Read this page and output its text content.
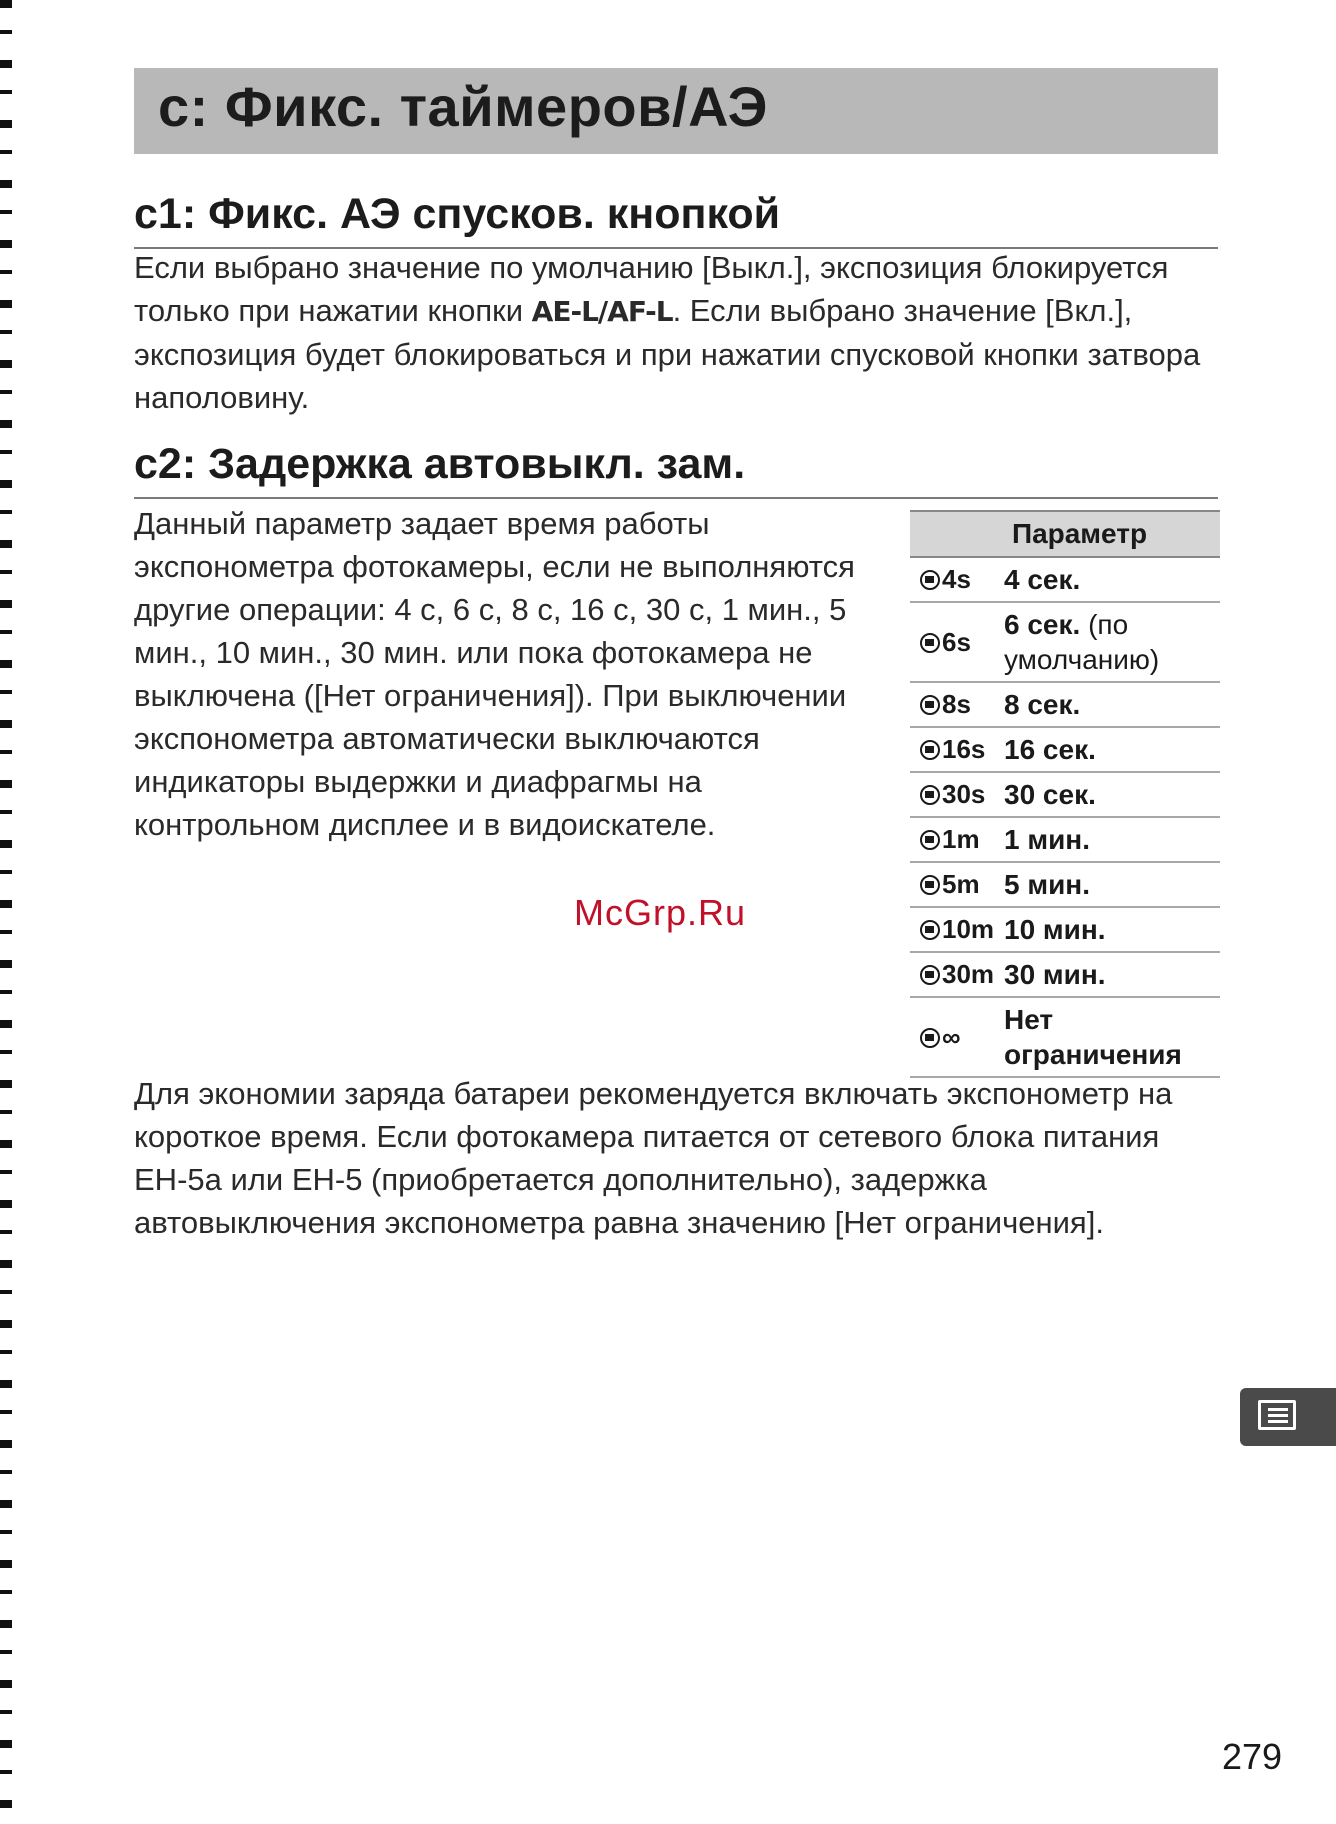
c: Фикс. таймеров/АЭ
c1: Фикс. АЭ спусков. кнопкой

Если выбрано значение по умолчанию [Выкл.], экспозиция блокируется только при нажатии кнопки AE-L/AF-L. Если выбрано значение [Вкл.], экспозиция будет блокироваться и при нажатии спусковой кнопки затвора наполовину.

c2: Задержка автовыкл. зам.

Данный параметр задает время работы экспонометра фотокамеры, если не выполняются другие операции: 4 с, 6 с, 8 с, 16 с, 30 с, 1 мин., 5 мин., 10 мин., 30 мин. или пока фотокамера не выключена ([Нет ограничения]). При выключении экспонометра автоматически выключаются индикаторы выдержки и диафрагмы на контрольном дисплее и в видоискателе.

McGrp.Ru
Параметр	
4s	4 сек.
6s	6 сек. (по умолчанию)
8s	8 сек.
16s	16 сек.
30s	30 сек.
1m	1 мин.
5m	5 мин.
10m	10 мин.
30m	30 мин.
∞	Нет ограничения

Для экономии заряда батареи рекомендуется включать экспонометр на короткое время. Если фотокамера питается от сетевого блока питания EH-5a или EH-5 (приобретается дополнительно), задержка автовыключения экспонометра равна значению [Нет ограничения].

279
